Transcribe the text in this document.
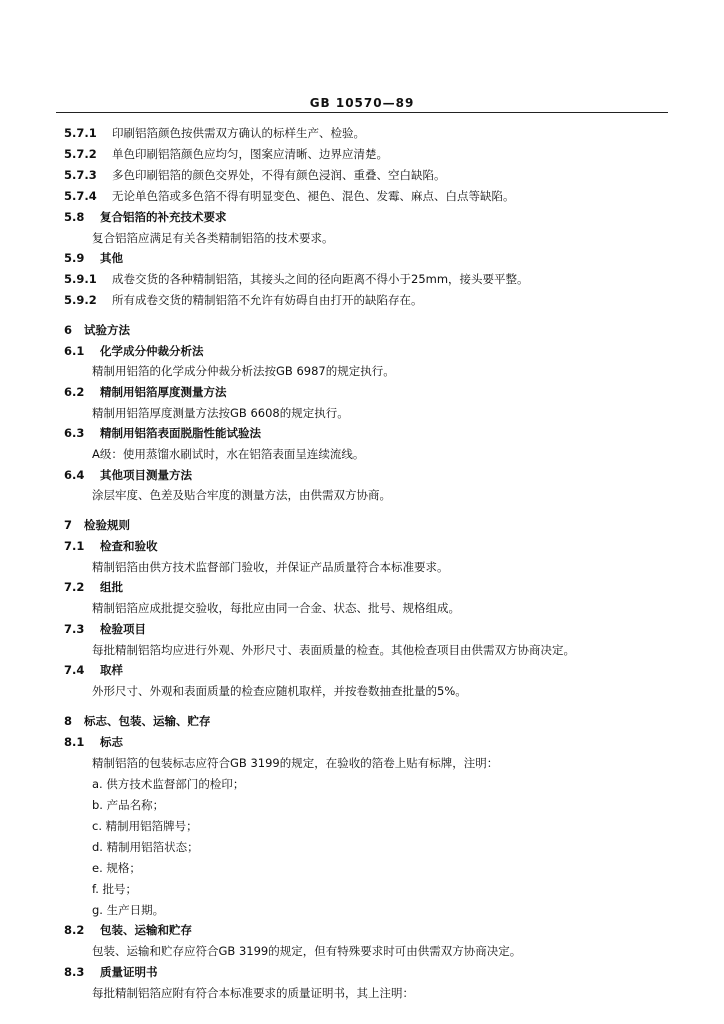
GB 10570—89
5.7.1 印刷铝箔颜色按供需双方确认的标样生产、检验。
5.7.2 单色印刷铝箔颜色应均匀，图案应清晰、边界应清楚。
5.7.3 多色印刷铝箔的颜色交界处，不得有颜色浸润、重叠、空白缺陷。
5.7.4 无论单色箔或多色箔不得有明显变色、褪色、混色、发霉、麻点、白点等缺陷。
5.8 复合铝箔的补充技术要求
复合铝箔应满足有关各类精制铝箔的技术要求。
5.9 其他
5.9.1 成卷交货的各种精制铝箔，其接头之间的径向距离不得小于25mm，接头要平整。
5.9.2 所有成卷交货的精制铝箔不允许有妨碍自由打开的缺陷存在。
6 试验方法
6.1 化学成分仲裁分析法
精制用铝箔的化学成分仲裁分析法按GB 6987的规定执行。
6.2 精制用铝箔厚度测量方法
精制用铝箔厚度测量方法按GB 6608的规定执行。
6.3 精制用铝箔表面脱脂性能试验法
A级：使用蒸馏水刷试时，水在铝箔表面呈连续流线。
6.4 其他项目测量方法
涂层牢度、色差及贴合牢度的测量方法，由供需双方协商。
7 检验规则
7.1 检查和验收
精制铝箔由供方技术监督部门验收，并保证产品质量符合本标准要求。
7.2 组批
精制铝箔应成批提交验收，每批应由同一合金、状态、批号、规格组成。
7.3 检验项目
每批精制铝箔均应进行外观、外形尺寸、表面质量的检查。其他检查项目由供需双方协商决定。
7.4 取样
外形尺寸、外观和表面质量的检查应随机取样，并按卷数抽查批量的5%。
8 标志、包装、运输、贮存
8.1 标志
精制铝箔的包装标志应符合GB 3199的规定，在验收的箔卷上贴有标牌，注明：
a. 供方技术监督部门的检印；
b. 产品名称；
c. 精制用铝箔牌号；
d. 精制用铝箔状态；
e. 规格；
f. 批号；
g. 生产日期。
8.2 包装、运输和贮存
包装、运输和贮存应符合GB 3199的规定，但有特殊要求时可由供需双方协商决定。
8.3 质量证明书
每批精制铝箔应附有符合本标准要求的质量证明书，其上注明：
